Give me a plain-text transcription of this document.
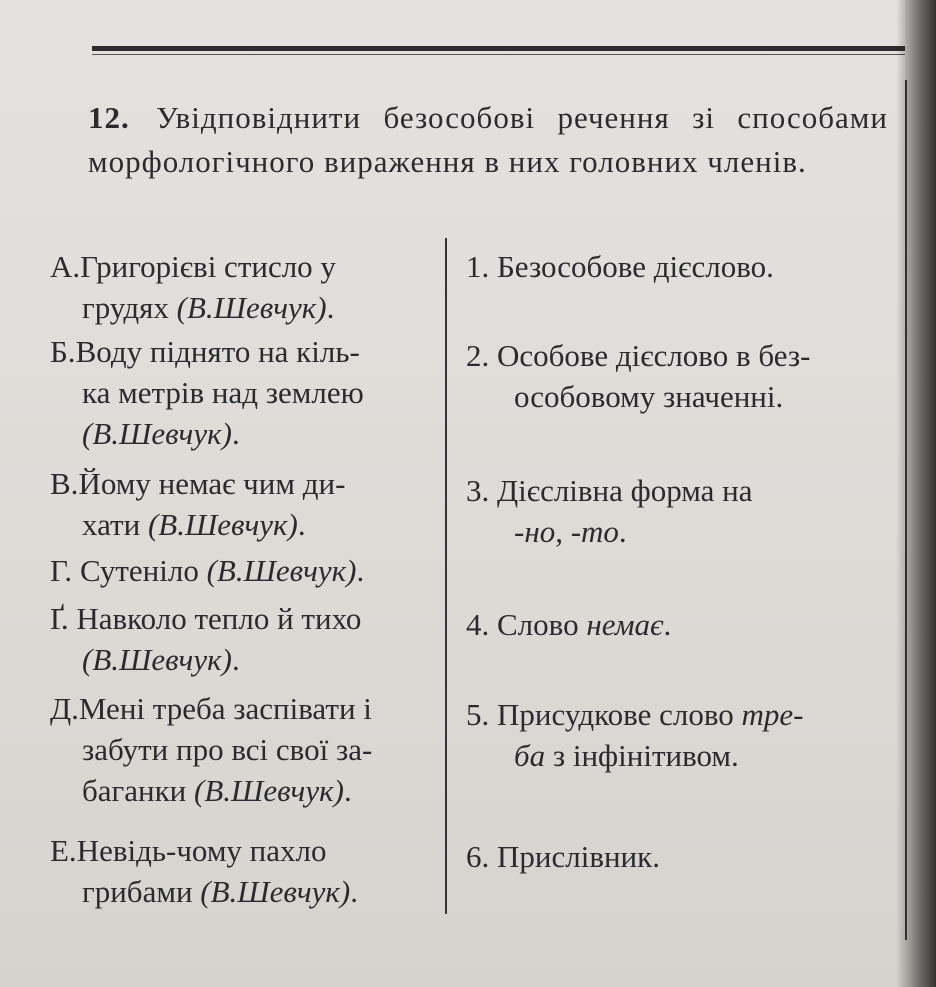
12. Увідповіднити безособові речення зі способами морфологічного вираження в них головних членів.
А.Григорієві стисло у
грудях (В.Шевчук).
Б.Воду піднято на кіль-
ка метрів над землею
(В.Шевчук).
В.Йому немає чим ди-
хати (В.Шевчук).
Г. Сутеніло (В.Шевчук).
Ґ. Навколо тепло й тихо
(В.Шевчук).
Д.Мені треба заспівати і
забути про всі свої за-
баганки (В.Шевчук).
Е.Невідь-чому пахло
грибами (В.Шевчук).
1. Безособове дієслово.
2. Особове дієслово в без-
особовому значенні.
3. Дієслівна форма на
-но, -то.
4. Слово немає.
5. Присудкове слово тре-
ба з інфінітивом.
6. Прислівник.
